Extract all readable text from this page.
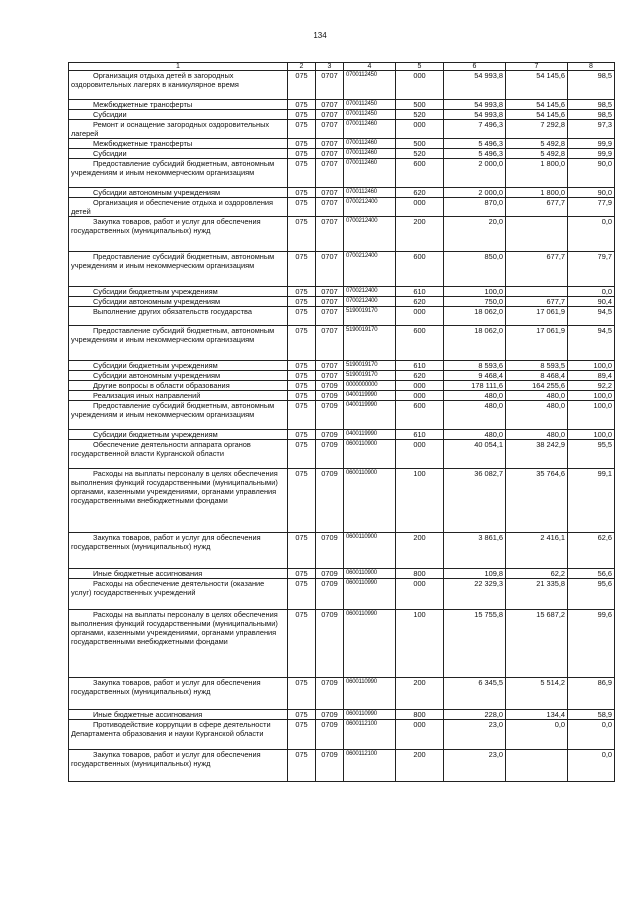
134
1	2	3	4	5	6	7	8
Организация отдыха детей в загородных оздоровительных лагерях в каникулярное время	075	0707	0700112450	000	54 993,8	54 145,6	98,5
Межбюджетные трансферты	075	0707	0700112450	500	54 993,8	54 145,6	98,5
Субсидии	075	0707	0700112450	520	54 993,8	54 145,6	98,5
Ремонт и оснащение загородных оздоровительных лагерей	075	0707	0700112460	000	7 496,3	7 292,8	97,3
Межбюджетные трансферты	075	0707	0700112460	500	5 496,3	5 492,8	99,9
Субсидии	075	0707	0700112460	520	5 496,3	5 492,8	99,9
Предоставление субсидий бюджетным, автономным учреждениям и иным некоммерческим организациям	075	0707	0700112460	600	2 000,0	1 800,0	90,0
Субсидии автономным учреждениям	075	0707	0700112460	620	2 000,0	1 800,0	90,0
Организация и обеспечение отдыха и оздоровления детей	075	0707	0700212400	000	870,0	677,7	77,9
Закупка товаров, работ и услуг для обеспечения государственных (муниципальных) нужд	075	0707	0700212400	200	20,0		0,0
Предоставление субсидий бюджетным, автономным учреждениям и иным некоммерческим организациям	075	0707	0700212400	600	850,0	677,7	79,7
Субсидии бюджетным учреждениям	075	0707	0700212400	610	100,0		0,0
Субсидии автономным учреждениям	075	0707	0700212400	620	750,0	677,7	90,4
Выполнение других обязательств государства	075	0707	5190019170	000	18 062,0	17 061,9	94,5
Предоставление субсидий бюджетным, автономным учреждениям и иным некоммерческим организациям	075	0707	5190019170	600	18 062,0	17 061,9	94,5
Субсидии бюджетным учреждениям	075	0707	5190019170	610	8 593,6	8 593,5	100,0
Субсидии автономным учреждениям	075	0707	5190019170	620	9 468,4	8 468,4	89,4
Другие вопросы в области образования	075	0709	0000000000	000	178 111,6	164 255,6	92,2
Реализация иных направлений	075	0709	0400119990	000	480,0	480,0	100,0
Предоставление субсидий бюджетным, автономным учреждениям и иным некоммерческим организациям	075	0709	0400119990	600	480,0	480,0	100,0
Субсидии бюджетным учреждениям	075	0709	0400119990	610	480,0	480,0	100,0
Обеспечение деятельности аппарата органов государственной власти Курганской области	075	0709	0600110900	000	40 054,1	38 242,9	95,5
Расходы на выплаты персоналу в целях обеспечения выполнения функций государственными (муниципальными) органами, казенными учреждениями, органами управления государственными внебюджетными фондами	075	0709	0600110900	100	36 082,7	35 764,6	99,1
Закупка товаров, работ и услуг для обеспечения государственных (муниципальных) нужд	075	0709	0600110900	200	3 861,6	2 416,1	62,6
Иные бюджетные ассигнования	075	0709	0600110900	800	109,8	62,2	56,6
Расходы на обеспечение деятельности (оказание услуг) государственных учреждений	075	0709	0600110990	000	22 329,3	21 335,8	95,6
Расходы на выплаты персоналу в целях обеспечения выполнения функций государственными (муниципальными) органами, казенными учреждениями, органами управления государственными внебюджетными фондами	075	0709	0600110990	100	15 755,8	15 687,2	99,6
Закупка товаров, работ и услуг для обеспечения государственных (муниципальных) нужд	075	0709	0600110990	200	6 345,5	5 514,2	86,9
Иные бюджетные ассигнования	075	0709	0600110990	800	228,0	134,4	58,9
Противодействие коррупции в сфере деятельности Департамента образования и науки Курганской области	075	0709	0600112100	000	23,0	0,0	0,0
Закупка товаров, работ и услуг для обеспечения государственных (муниципальных) нужд	075	0709	0600112100	200	23,0		0,0
